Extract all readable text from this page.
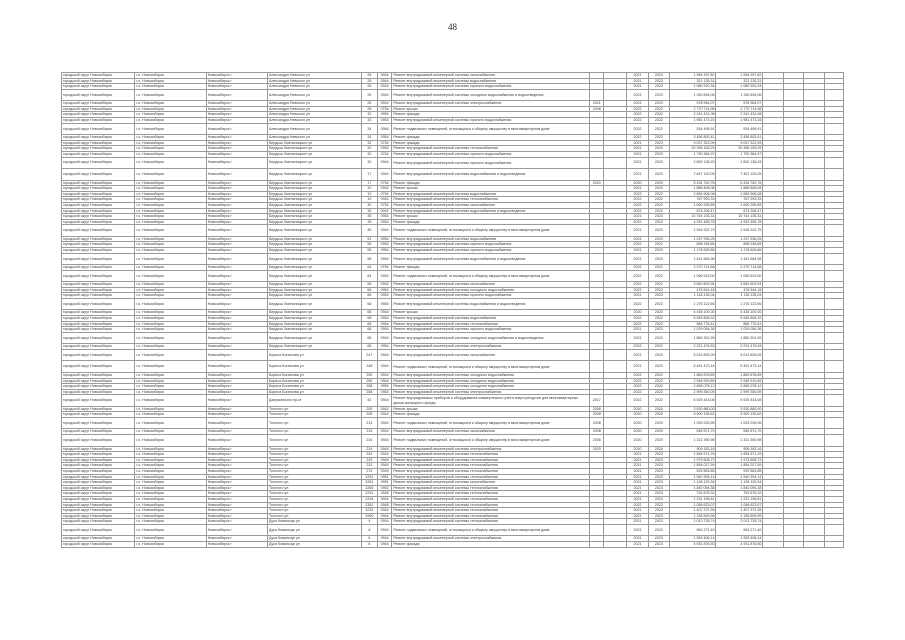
48
городской округ Новосибирск	г.о. Новосибирск	Новосибирск г	Александра Невского ул	26	0944	Ремонт внутридомовой инженерной системы газоснабжения			2021	2023	1 954 297,82	1 954 297,82				
городской округ Новосибирск	г.о. Новосибирск	Новосибирск г	Александра Невского ул	26	0944	Ремонт внутридомовой инженерной системы водоснабжения			2021	2023	321 135,31	321 135,31				
городской округ Новосибирск	г.о. Новосибирск	Новосибирск г	Александра Невского ул	26	0944	Ремонт внутридомовой инженерной системы горячего водоснабжения			2021	2023	1 080 920,34	1 080 920,34				
городской округ Новосибирск	г.о. Новосибирск	Новосибирск г	Александра Невского ул	26	0944	Ремонт внутридомовой инженерной системы холодного водоснабжения и водоотведения			2021	2023	1 330 694,06	1 330 694,06				
городской округ Новосибирск	г.о. Новосибирск	Новосибирск г	Александра Невского ул	26	0944	Ремонт внутридомовой инженерной системы электроснабжения	2021		2021	2023	978 964,07	978 964,07				
городской округ Новосибирск	г.о. Новосибирск	Новосибирск г	Александра Невского ул	26	0754	Ремонт крыши	2008		2022	2022	2 770 714,98	2 770 714,98				
городской округ Новосибирск	г.о. Новосибирск	Новосибирск г	Александра Невского ул	32	0954	Ремонт фасада			2022	2022	2 241 431,08	2 241 431,08				
городской округ Новосибирск	г.о. Новосибирск	Новосибирск г	Александра Невского ул	32	0954	Ремонт внутридомовой инженерной системы горячего водоснабжения			2022	2022	1 981 473,15	1 981 473,15				
городской округ Новосибирск	г.о. Новосибирск	Новосибирск г	Александра Невского ул	34	0954	Ремонт подвальных помещений, относящихся к общему имуществу в многоквартирном доме			2022	2022	534 495,91	534 495,91				
городской округ Новосибирск	г.о. Новосибирск	Новосибирск г	Александра Невского ул	34	0954	Ремонт фасада			2022	2022	3 456 893,41	3 456 893,41				
городской округ Новосибирск	г.о. Новосибирск	Новосибирск г	Бердыш Хмельницкого ул	32	0754	Ремонт фасада			2021	2023	9 037 322,09	9 037 322,09				
городской округ Новосибирск	г.о. Новосибирск	Новосибирск г	Бердыш Хмельницкого ул	32	0954	Ремонт внутридомовой инженерной системы теплоснабжения			2021	2023	20 396 155,29	20 396 155,29				
городской округ Новосибирск	г.о. Новосибирск	Новосибирск г	Бердыш Хмельницкого ул	32	0754	Ремонт внутридомовой инженерной системы горячего водоснабжения			2021	2023	1 790 384,97	1 790 384,97				
городской округ Новосибирск	г.о. Новосибирск	Новосибирск г	Бердыш Хмельницкого ул	32	0944	Ремонт внутридомовой инженерной системы горячего водоснабжения			2021	2023	2 692 136,93	2 692 136,93				
городской округ Новосибирск	г.о. Новосибирск	Новосибирск г	Бердыш Хмельницкого ул	17	0944	Ремонт внутридомовой инженерной системы водоснабжения и водоотведения			2021	2023	7 467 120,05	7 467 120,05				
городской округ Новосибирск	г.о. Новосибирск	Новосибирск г	Бердыш Хмельницкого ул	17	0754	Ремонт фасада	2020		2020	2020	5 434 762,76	5 434 762,76				
городской округ Новосибирск	г.о. Новосибирск	Новосибирск г	Бердыш Хмельницкого ул	10	0942	Ремонт крыши			2021	2023	1 886 808,08	1 886 808,08				
городской округ Новосибирск	г.о. Новосибирск	Новосибирск г	Бердыш Хмельницкого ул	10	0754	Ремонт внутридомовой инженерной системы водоснабжения			2022	2022	2 659 906,08	2 659 906,08				
городской округ Новосибирск	г.о. Новосибирск	Новосибирск г	Бердыш Хмельницкого ул	10	0942	Ремонт внутридомовой инженерной системы теплоснабжения			2022	2022	767 993,33	767 993,33				
городской округ Новосибирск	г.о. Новосибирск	Новосибирск г	Бердыш Хмельницкого ул	30	0754	Ремонт внутридомовой инженерной системы газоснабжения			2022	2022	1 690 255,89	1 690 255,89				
городской округ Новосибирск	г.о. Новосибирск	Новосибирск г	Бердыш Хмельницкого ул	30	0942	Ремонт внутридомовой инженерной системы водоснабжения и водоотведения			2022	2022	874 206,47	874 206,47				
городской округ Новосибирск	г.о. Новосибирск	Новосибирск г	Бердыш Хмельницкого ул	35	0954	Ремонт крыши			2021	2023	10 744 135,31	10 744 135,31				
городской округ Новосибирск	г.о. Новосибирск	Новосибирск г	Бердыш Хмельницкого ул	35	0954	Ремонт фасада			2022	2022	4 932 456,78	4 932 456,78				
городской округ Новосибирск	г.о. Новосибирск	Новосибирск г	Бердыш Хмельницкого ул	45	0944	Ремонт подвальных помещений, относящихся к общему имуществу в многоквартирном доме			2021	2023	1 918 322,79	1 918 322,79				
городской округ Новосибирск	г.о. Новосибирск	Новосибирск г	Бердыш Хмельницкого ул	51	0954	Ремонт внутридомовой инженерной системы водоснабжения			2021	2023	1 237 936,25	1 237 936,25				
городской округ Новосибирск	г.о. Новосибирск	Новосибирск г	Бердыш Хмельницкого ул	55	0954	Ремонт внутридомовой инженерной системы горячего водоснабжения			2022	2022	898 248,65	898 248,65				
городской округ Новосибирск	г.о. Новосибирск	Новосибирск г	Бердыш Хмельницкого ул	55	0954	Ремонт внутридомовой инженерной системы горячего водоснабжения			2021	2023	1 178 628,86	1 178 628,86				
городской округ Новосибирск	г.о. Новосибирск	Новосибирск г	Бердыш Хмельницкого ул	58	0954	Ремонт внутридомовой инженерной системы водоснабжения и водоотведения			2021	2023	1 441 564,98	1 441 564,98				
городской округ Новосибирск	г.о. Новосибирск	Новосибирск г	Бердыш Хмельницкого ул	64	0754	Ремонт фасада			2022	2022	2 270 714,68	2 270 714,68				
городской округ Новосибирск	г.о. Новосибирск	Новосибирск г	Бердыш Хмельницкого ул	64	0942	Ремонт подвальных помещений, относящихся к общему имуществу в многоквартирном доме			2022	2022	1 069 519,00	1 069 519,00				
городской округ Новосибирск	г.о. Новосибирск	Новосибирск г	Бердыш Хмельницкого ул	66	0942	Ремонт внутридомовой инженерной системы газоснабжения			2022	2022	3 840 603,94	3 840 603,94				
городской округ Новосибирск	г.о. Новосибирск	Новосибирск г	Бердыш Хмельницкого ул	66	0954	Ремонт внутридомовой инженерной системы холодного водоснабжения			2022	2022	476 544,18	476 544,18				
городской округ Новосибирск	г.о. Новосибирск	Новосибирск г	Бердыш Хмельницкого ул	66	0954	Ремонт внутридомовой инженерной системы горячего водоснабжения			2021	2023	1 118 135,04	1 118 135,04				
городской округ Новосибирск	г.о. Новосибирск	Новосибирск г	Бердыш Хмельницкого ул	66	0954	Ремонт внутридомовой инженерной системы водоснабжения и водоотведения			2022	2022	1 275 122,66	1 275 122,66				
городской округ Новосибирск	г.о. Новосибирск	Новосибирск г	Бердыш Хмельницкого ул	68	0944	Ремонт крыши			2020	2020	5 436 100,00	5 436 100,00				
городской округ Новосибирск	г.о. Новосибирск	Новосибирск г	Бердыш Хмельницкого ул	68	0954	Ремонт внутридомовой инженерной системы водоснабжения			2022	2022	5 945 808,32	5 945 808,32				
городской округ Новосибирск	г.о. Новосибирск	Новосибирск г	Бердыш Хмельницкого ул	68	0954	Ремонт внутридомовой инженерной системы теплоснабжения			2022	2022	866 776,41	866 776,41				
городской округ Новосибирск	г.о. Новосибирск	Новосибирск г	Бердыш Хмельницкого ул	68	0954	Ремонт внутридомовой инженерной системы горячего водоснабжения			2021	2023	1 029 054,36	1 029 054,36				
городской округ Новосибирск	г.о. Новосибирск	Новосибирск г	Бердыш Хмельницкого ул	68	0944	Ремонт внутридомовой инженерной системы холодного водоснабжения и водоотведения			2021	2023	1 850 301,99	1 850 301,99				
городской округ Новосибирск	г.о. Новосибирск	Новосибирск г	Бердыш Хмельницкого ул	68	0954	Ремонт внутридомовой инженерной системы электроснабжения			2022	2022	2 231 476,53	2 231 476,53				
городской округ Новосибирск	г.о. Новосибирск	Новосибирск г	Бориса Богаткова ул	247	0944	Ремонт внутридомовой инженерной системы газоснабжения			2021	2023	5 013 839,09	5 013 839,09				
городской округ Новосибирск	г.о. Новосибирск	Новосибирск г	Бориса Богаткова ул	248	0944	Ремонт подвальных помещений, относящихся к общему имуществу в многоквартирном доме			2021	2023	5 491 473,14	5 491 473,14				
городской округ Новосибирск	г.о. Новосибирск	Новосибирск г	Бориса Богаткова ул	250	0944	Ремонт внутридомовой инженерной системы холодного водоснабжения			2022	2022	1 869 878,89	1 869 878,89				
городской округ Новосибирск	г.о. Новосибирск	Новосибирск г	Бориса Богаткова ул	250	0944	Ремонт внутридомовой инженерной системы холодного водоснабжения			2022	2022	2 948 919,89	2 948 919,89				
городской округ Новосибирск	г.о. Новосибирск	Новосибирск г	Бориса Богаткова ул	258	0954	Ремонт внутридомовой инженерной системы холодного водоснабжения			2022	2022	2 855 078,12	2 855 078,12				
городской округ Новосибирск	г.о. Новосибирск	Новосибирск г	Бориса Богаткова ул	258	0954	Ремонт внутридомовой инженерной системы электроснабжения			2022	2022	2 999 350,09	2 999 350,09				
городской округ Новосибирск	г.о. Новосибирск	Новосибирск г	Дзержинского пр-кт	42	0944	Ремонт внутридомовых приборов и оборудования коммерческого учёта энергоресурсов для многоквартирных домов жилищного фонда	2017		2022	2022	5 525 443,08	5 525 443,08				
городской округ Новосибирск	г.о. Новосибирск	Новосибирск г	Толстого ул	200	0942	Ремонт крыши	2008		2020	2020	3 530 880,00	3 530 880,00				
городской округ Новосибирск	г.о. Новосибирск	Новосибирск г	Толстого ул	205	0944	Ремонт фасада	2008		2020	2020	5 900 135,62	5 900 135,62				
городской округ Новосибирск	г.о. Новосибирск	Новосибирск г	Толстого ул	213	0944	Ремонт подвальных помещений, относящихся к общему имуществу в многоквартирном доме	2008		2020	2020	1 093 226,95	1 093 226,95				
городской округ Новосибирск	г.о. Новосибирск	Новосибирск г	Толстого ул	215	0944	Ремонт внутридомовой инженерной системы газоснабжения	2008		2020	2020	545 571,70	545 571,70				
городской округ Новосибирск	г.о. Новосибирск	Новосибирск г	Толстого ул	216	0944	Ремонт подвальных помещений, относящихся к общему имуществу в многоквартирном доме	2008		2020	2020	1 321 390,98	1 321 390,98				
городской округ Новосибирск	г.о. Новосибирск	Новосибирск г	Толстого ул	219	0944	Ремонт внутридомовой инженерной системы электроснабжения	2020		2020	2020	909 183,16	909 183,16				
городской округ Новосибирск	г.о. Новосибирск	Новосибирск г	Толстого ул	224	0944	Ремонт внутридомовой инженерной системы теплоснабжения			2021	2023	1 654 571,29	1 654 571,29				
городской округ Новосибирск	г.о. Новосибирск	Новосибирск г	Толстого ул	229	0949	Ремонт внутридомовой инженерной системы теплоснабжения			2021	2023	1 973 608,72	1 973 608,72				
городской округ Новосибирск	г.о. Новосибирск	Новосибирск г	Толстого ул	231	0949	Ремонт внутридомовой инженерной системы теплоснабжения			2021	2023	1 854 027,59	1 854 027,59				
городской округ Новосибирск	г.о. Новосибирск	Новосибирск г	Толстого ул	270	0949	Ремонт внутридомовой инженерной системы теплоснабжения			2021	2023	929 563,85	929 563,85				
городской округ Новосибирск	г.о. Новосибирск	Новосибирск г	Толстого ул	2251	0951	Ремонт внутридомовой инженерной системы теплоснабжения			2021	2023	1 940 394,14	1 940 394,14				
городской округ Новосибирск	г.о. Новосибирск	Новосибирск г	Толстого ул	2251	0951	Ремонт внутридомовой инженерной системы газоснабжения			2021	2023	1 128 125,34	1 128 125,34				
городской округ Новосибирск	г.о. Новосибирск	Новосибирск г	Толстого ул	2265	0952	Ремонт внутридомовой инженерной системы теплоснабжения			2021	2023	1 840 094,38	1 840 094,38				
городской округ Новосибирск	г.о. Новосибирск	Новосибирск г	Толстого ул	2291	0948	Ремонт внутридомовой инженерной системы теплоснабжения			2021	2023	792 675,32	792 675,32				
городской округ Новосибирск	г.о. Новосибирск	Новосибирск г	Толстого ул	2316	0944	Ремонт внутридомовой инженерной системы теплоснабжения			2021	2023	1 231 195,81	1 231 195,81				
городской округ Новосибирск	г.о. Новосибирск	Новосибирск г	Толстого ул	2351	0948	Ремонт внутридомовой инженерной системы теплоснабжения			2022	2022	1 058 623,07	1 058 623,07				
городской округ Новосибирск	г.о. Новосибирск	Новосибирск г	Толстого ул	3232	0944	Ремонт внутридомовой инженерной системы теплоснабжения			2021	2023	1 407 372,35	1 407 372,35				
городской округ Новосибирск	г.о. Новосибирск	Новосибирск г	Толстого ул	3260	0944	Ремонт внутридомовой инженерной системы теплоснабжения			2021	2023	1 155 609,99	1 155 609,99				
городской округ Новосибирск	г.о. Новосибирск	Новосибирск г	Дуси Ковальчук ул	4	0944	Ремонт внутридомовой инженерной системы теплоснабжения			2021	2023	2 013 735,74	2 013 735,74				
городской округ Новосибирск	г.о. Новосибирск	Новосибирск г	Дуси Ковальчук ул	6	0944	Ремонт подвальных помещений, относящихся к общему имуществу в многоквартирном доме			2021	2023	963 271,40	963 271,40				
городской округ Новосибирск	г.о. Новосибирск	Новосибирск г	Дуси Ковальчук ул	6	0944	Ремонт внутридомовой инженерной системы электроснабжения			2021	2023	1 953 406,14	1 953 406,14				
городской округ Новосибирск	г.о. Новосибирск	Новосибирск г	Дуси Ковальчук ул	6	0944	Ремонт фасада			2021	2023	4 931 876,50	4 931 876,50				
